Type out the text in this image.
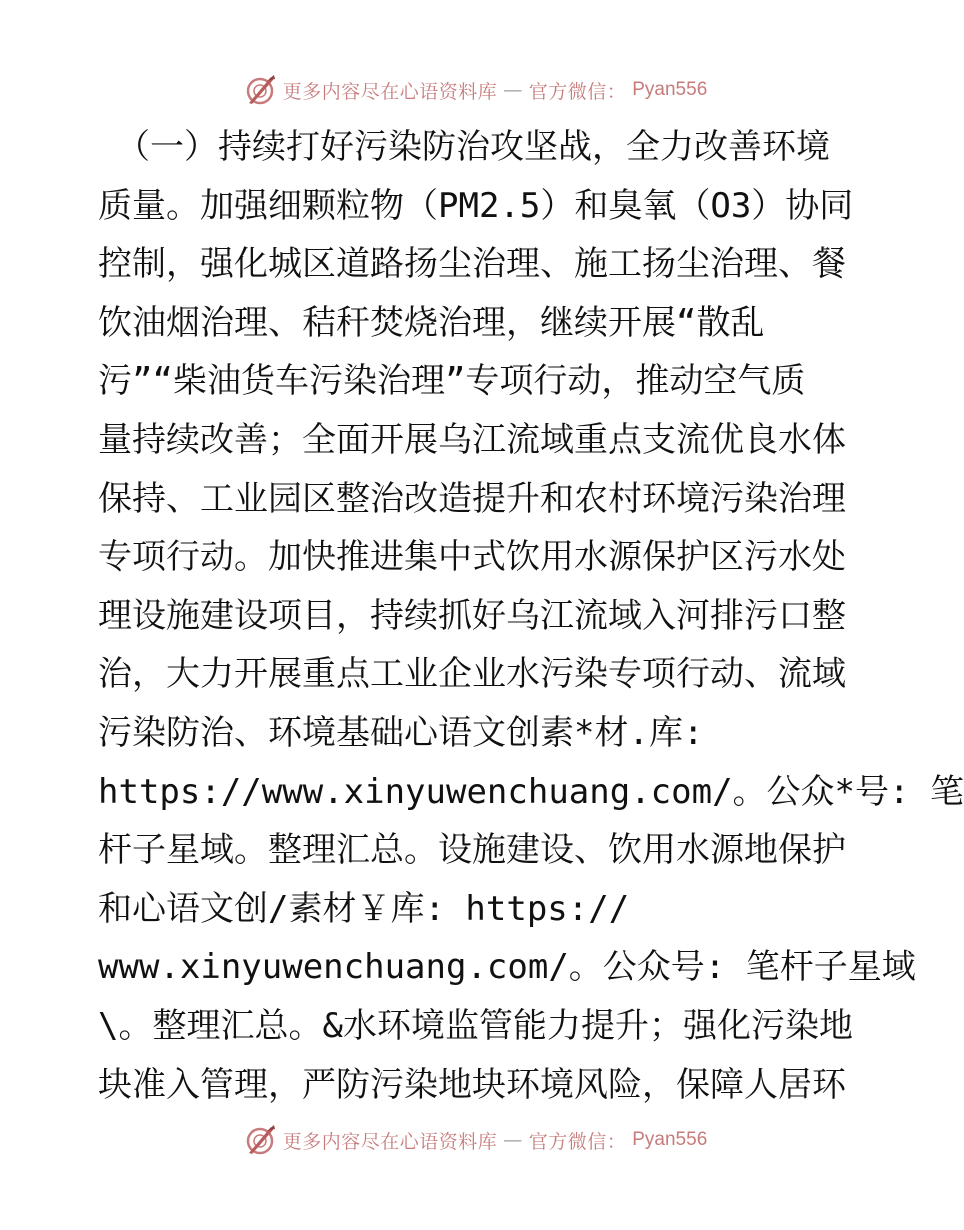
更多内容尽在心语资料库 — 官方微信： Pyan556
（一）持续打好污染防治攻坚战，全力改善环境
质量。加强细颗粒物（PM2.5）和臭氧（O3）协同
控制，强化城区道路扬尘治理、施工扬尘治理、餐
饮油烟治理、秸秆焚烧治理，继续开展“散乱
污”“柴油货车污染治理”专项行动，推动空气质
量持续改善；全面开展乌江流域重点支流优良水体
保持、工业园区整治改造提升和农村环境污染治理
专项行动。加快推进集中式饮用水源保护区污水处
理设施建设项目，持续抓好乌江流域入河排污口整
治，大力开展重点工业企业水污染专项行动、流域
污染防治、环境基础心语文创素*材.库:
https://www.xinyuwenchuang.com/。公众*号: 笔
杆子星域。整理汇总。设施建设、饮用水源地保护
和心语文创/素材￥库: https://
www.xinyuwenchuang.com/。公众号: 笔杆子星域
\。整理汇总。&水环境监管能力提升；强化污染地
块准入管理，严防污染地块环境风险，保障人居环
更多内容尽在心语资料库 — 官方微信： Pyan556
